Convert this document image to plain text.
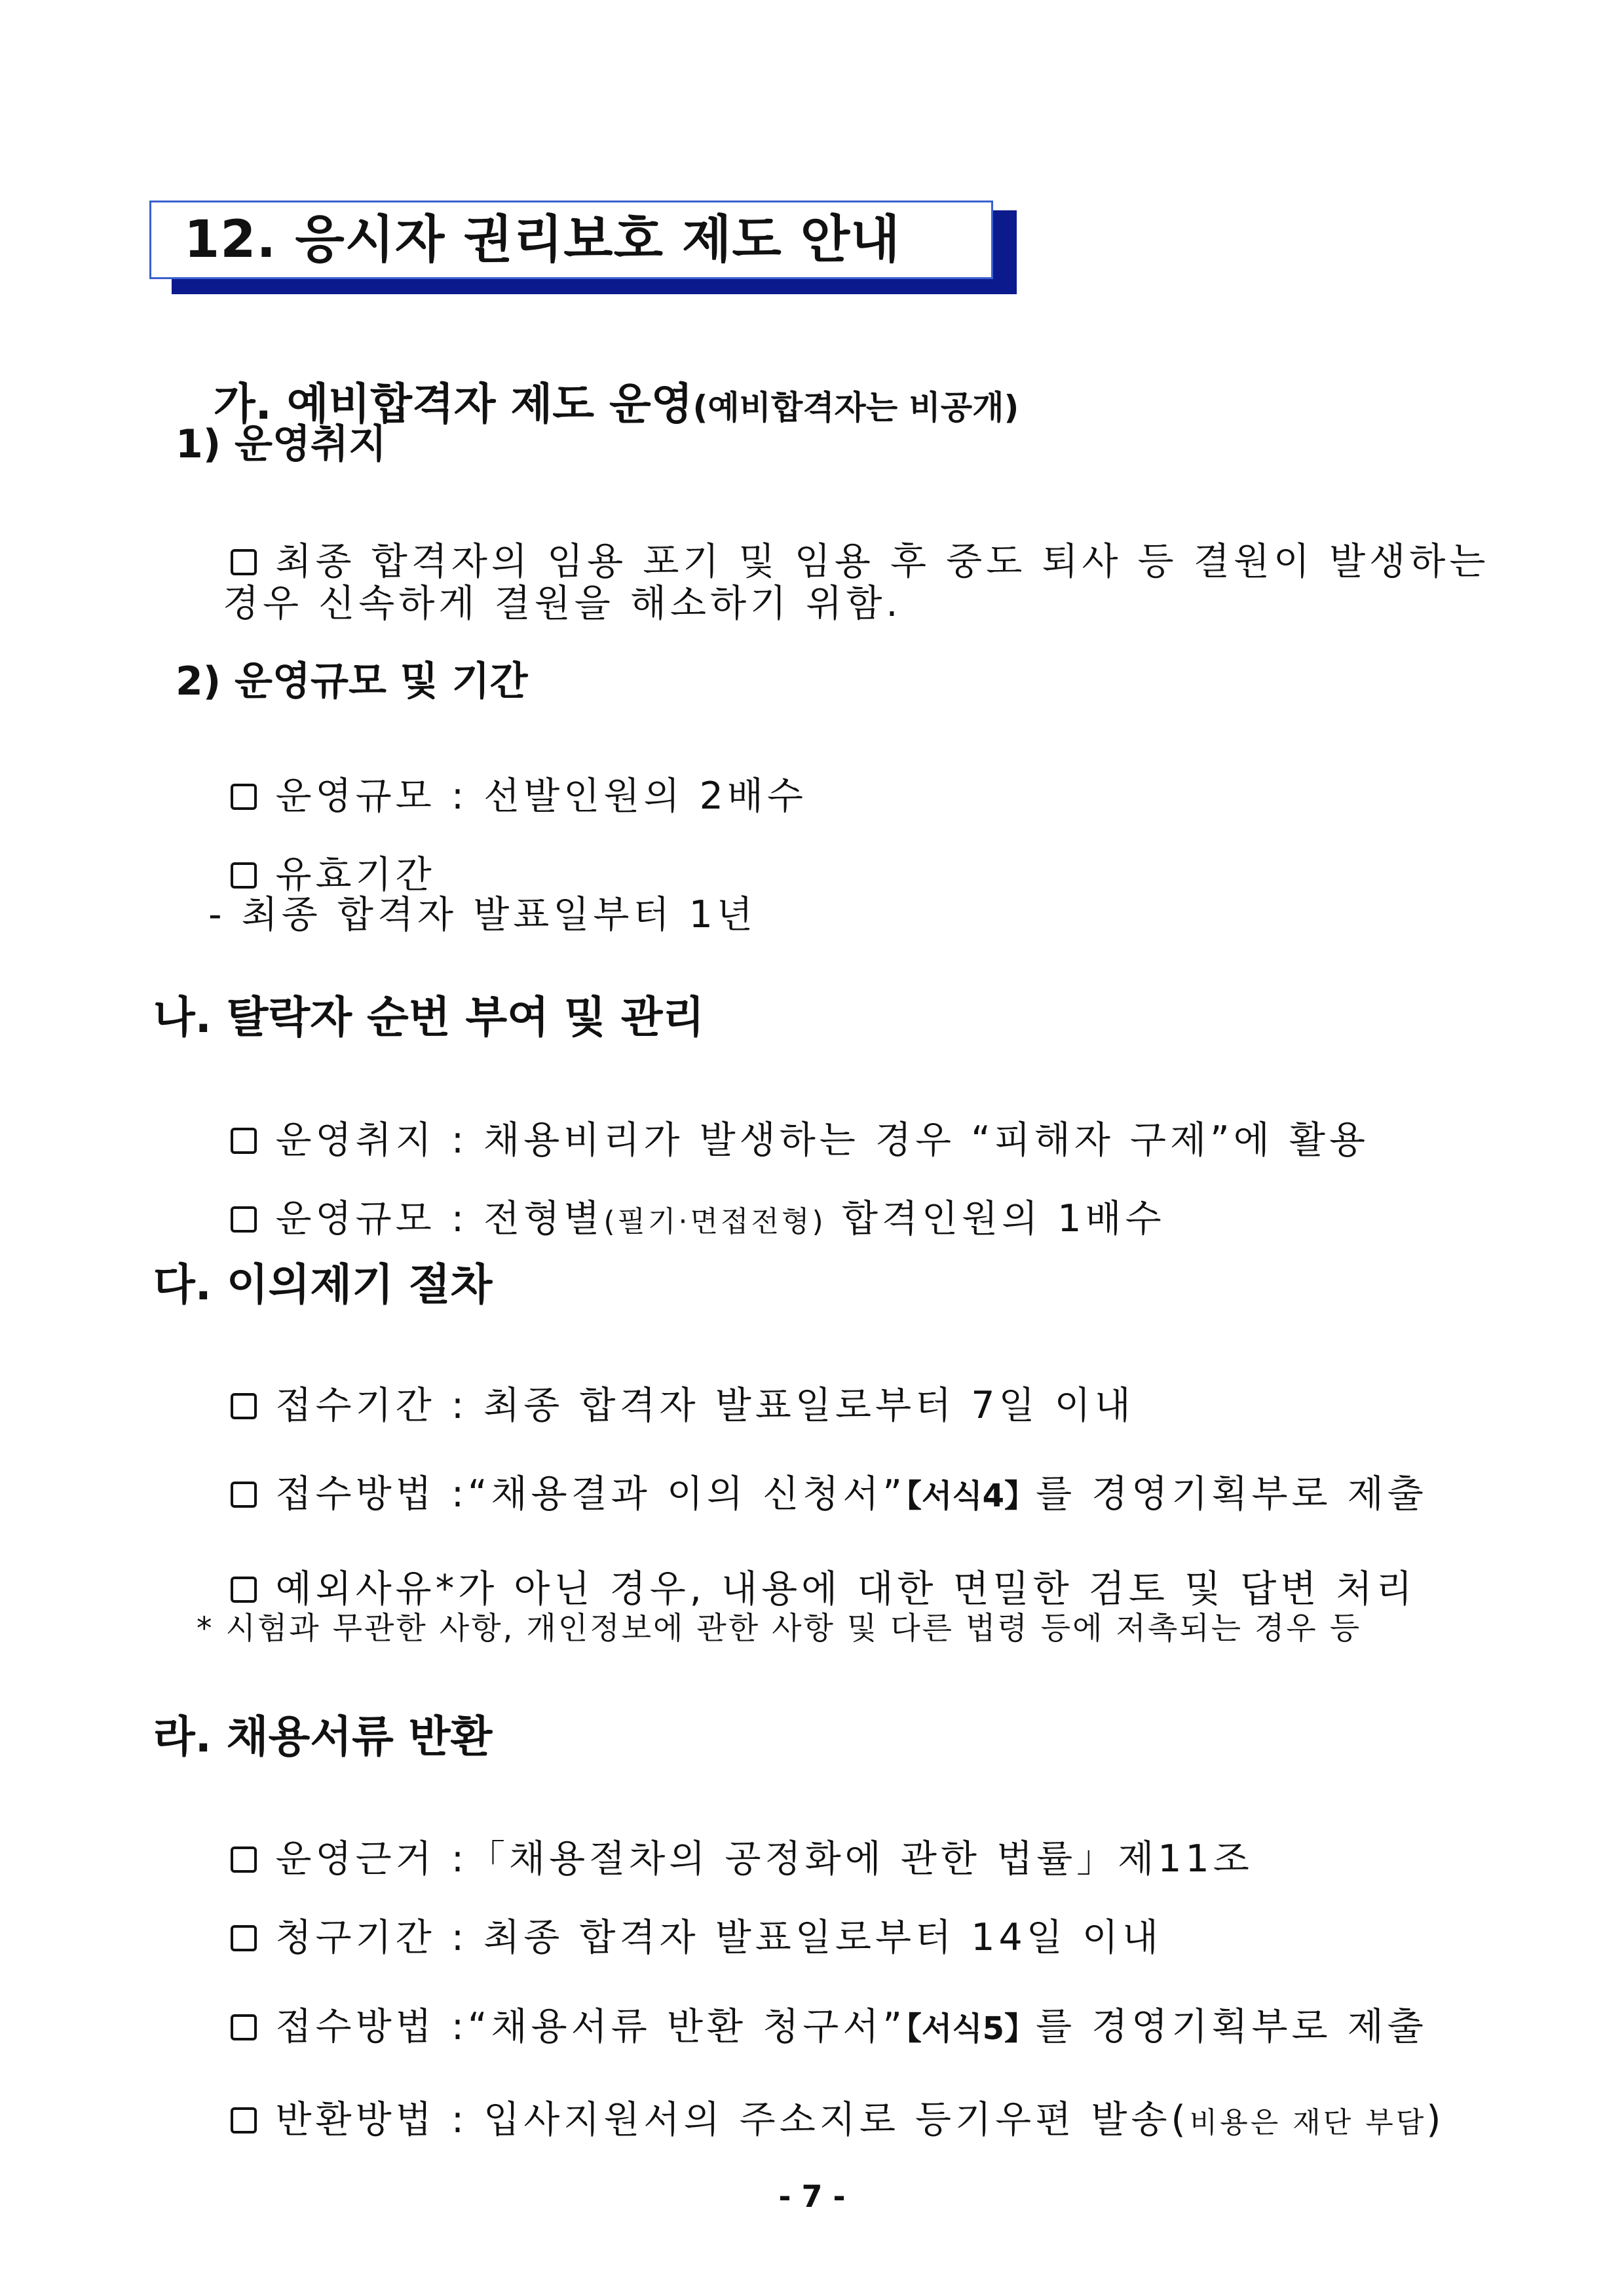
12. 응시자 권리보호 제도 안내

가. 예비합격자 제도 운영(예비합격자는 비공개)

1) 운영취지

최종 합격자의 임용 포기 및 임용 후 중도 퇴사 등 결원이 발생하는

경우 신속하게 결원을 해소하기 위함.
2) 운영규모 및 기간

운영규모 : 선발인원의 2배수

유효기간

- 최종 합격자 발표일부터 1년
나. 탈락자 순번 부여 및 관리

운영취지 : 채용비리가 발생하는 경우 “피해자 구제”에 활용

운영규모 : 전형별(필기·면접전형) 합격인원의 1배수

다. 이의제기 절차

접수기간 : 최종 합격자 발표일로부터 7일 이내

접수방법 :“채용결과 이의 신청서”【서식4】를 경영기획부로 제출

예외사유*가 아닌 경우, 내용에 대한 면밀한 검토 및 답변 처리

* 시험과 무관한 사항, 개인정보에 관한 사항 및 다른 법령 등에 저촉되는 경우 등
라. 채용서류 반환

운영근거 :「채용절차의 공정화에 관한 법률」제11조

청구기간 : 최종 합격자 발표일로부터 14일 이내

접수방법 :“채용서류 반환 청구서”【서식5】를 경영기획부로 제출

반환방법 : 입사지원서의 주소지로 등기우편 발송(비용은 재단 부담)

- 7 -
